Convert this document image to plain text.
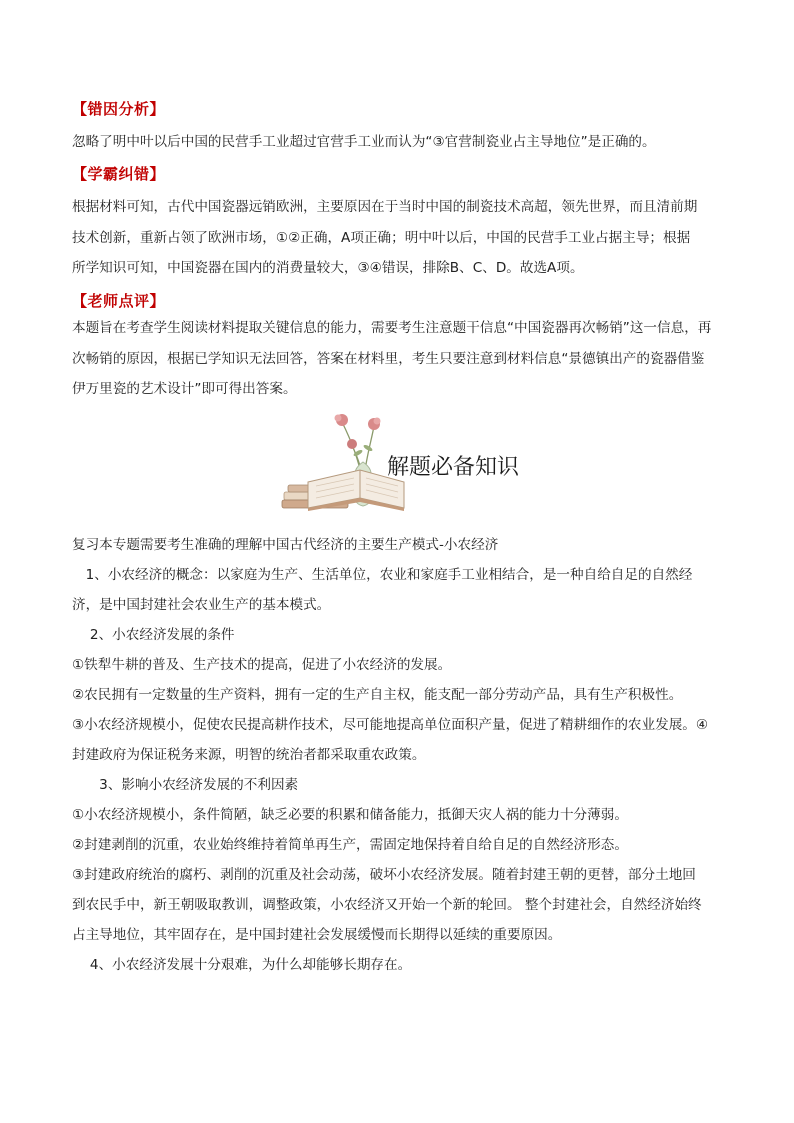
【错因分析】
忽略了明中叶以后中国的民营手工业超过官营手工业而认为“③官营制瓷业占主导地位”是正确的。
【学霸纠错】
根据材料可知，古代中国瓷器远销欧洲，主要原因在于当时中国的制瓷技术高超，领先世界，而且清前期
技术创新，重新占领了欧洲市场，①②正确，A项正确；明中叶以后，中国的民营手工业占据主导；根据
所学知识可知，中国瓷器在国内的消费量较大，③④错误，排除B、C、D。故选A项。
【老师点评】
本题旨在考查学生阅读材料提取关键信息的能力，需要考生注意题干信息“中国瓷器再次畅销”这一信息，再
次畅销的原因，根据已学知识无法回答，答案在材料里，考生只要注意到材料信息“景德镇出产的瓷器借鉴
伊万里瓷的艺术设计”即可得出答案。
解题必备知识
复习本专题需要考生准确的理解中国古代经济的主要生产模式-小农经济
　1、小农经济的概念：以家庭为生产、生活单位，农业和家庭手工业相结合，是一种自给自足的自然经
济，是中国封建社会农业生产的基本模式。
　 2、小农经济发展的条件
①铁犁牛耕的普及、生产技术的提高，促进了小农经济的发展。
②农民拥有一定数量的生产资料，拥有一定的生产自主权，能支配一部分劳动产品，具有生产积极性。
③小农经济规模小，促使农民提高耕作技术，尽可能地提高单位面积产量，促进了精耕细作的农业发展。④
封建政府为保证税务来源，明智的统治者都采取重农政策。
　　3、影响小农经济发展的不利因素
①小农经济规模小，条件简陋，缺乏必要的积累和储备能力，抵御天灾人祸的能力十分薄弱。
②封建剥削的沉重，农业始终维持着简单再生产，需固定地保持着自给自足的自然经济形态。
③封建政府统治的腐朽、剥削的沉重及社会动荡，破坏小农经济发展。随着封建王朝的更替，部分土地回
到农民手中，新王朝吸取教训，调整政策，小农经济又开始一个新的轮回。 整个封建社会，自然经济始终
占主导地位，其牢固存在，是中国封建社会发展缓慢而长期得以延续的重要原因。
　 4、小农经济发展十分艰难，为什么却能够长期存在。
